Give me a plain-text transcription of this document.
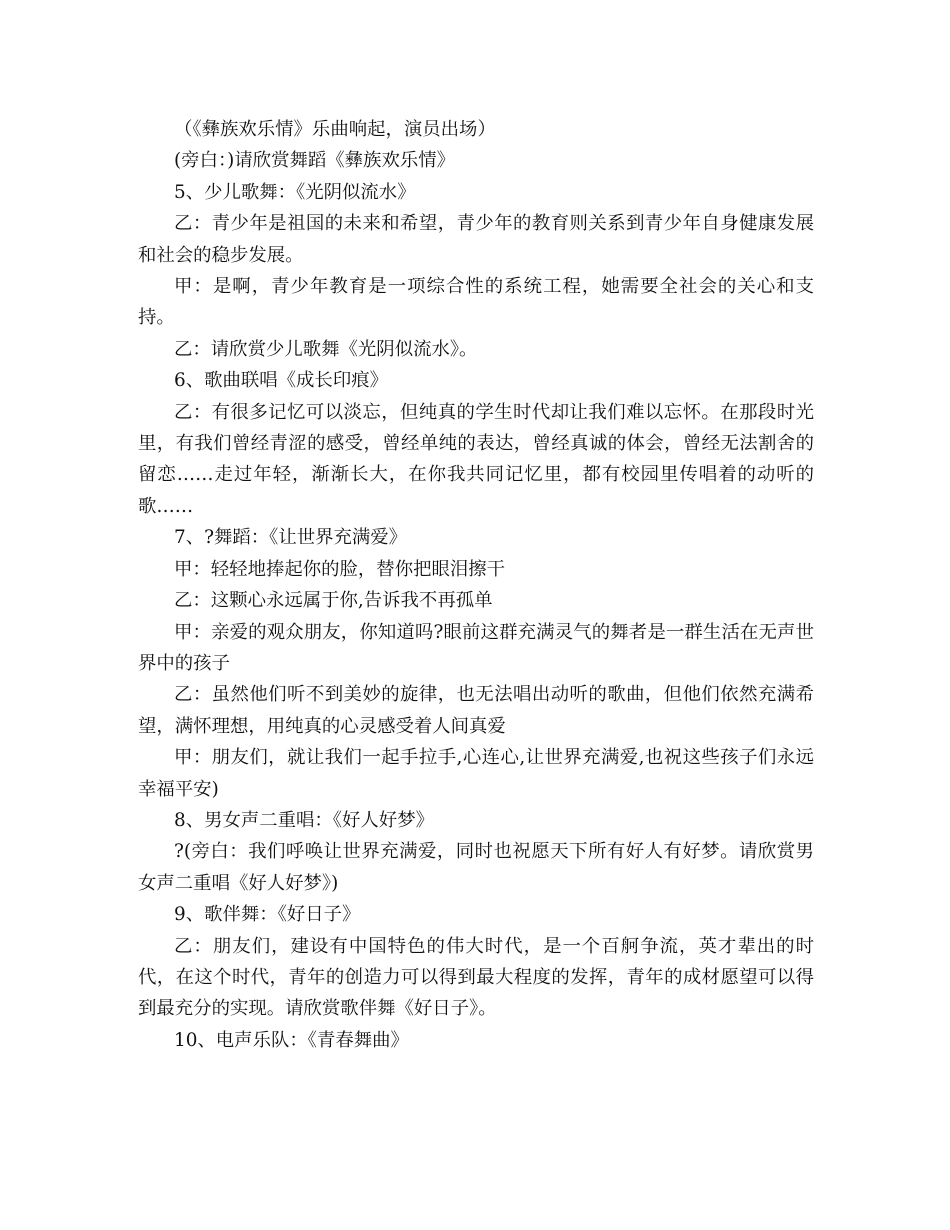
（《彝族欢乐情》乐曲响起，演员出场）

(旁白：)请欣赏舞蹈《彝族欢乐情》

5、少儿歌舞：《光阴似流水》

乙：青少年是祖国的未来和希望，青少年的教育则关系到青少年自身健康发展和社会的稳步发展。

甲：是啊，青少年教育是一项综合性的系统工程，她需要全社会的关心和支持。

乙：请欣赏少儿歌舞《光阴似流水》。

6、歌曲联唱《成长印痕》

乙：有很多记忆可以淡忘，但纯真的学生时代却让我们难以忘怀。在那段时光里，有我们曾经青涩的感受，曾经单纯的表达，曾经真诚的体会，曾经无法割舍的留恋……走过年轻，渐渐长大，在你我共同记忆里，都有校园里传唱着的动听的歌……

7、?舞蹈：《让世界充满爱》

甲：轻轻地捧起你的脸，替你把眼泪擦干

乙：这颗心永远属于你,告诉我不再孤单

甲：亲爱的观众朋友，你知道吗?眼前这群充满灵气的舞者是一群生活在无声世界中的孩子

乙：虽然他们听不到美妙的旋律，也无法唱出动听的歌曲，但他们依然充满希望，满怀理想，用纯真的心灵感受着人间真爱

甲：朋友们，就让我们一起手拉手,心连心,让世界充满爱,也祝这些孩子们永远幸福平安)

8、男女声二重唱：《好人好梦》

?(旁白：我们呼唤让世界充满爱，同时也祝愿天下所有好人有好梦。请欣赏男女声二重唱《好人好梦》)

9、歌伴舞：《好日子》

乙：朋友们，建设有中国特色的伟大时代，是一个百舸争流，英才辈出的时代，在这个时代，青年的创造力可以得到最大程度的发挥，青年的成材愿望可以得到最充分的实现。请欣赏歌伴舞《好日子》。

10、电声乐队：《青春舞曲》
